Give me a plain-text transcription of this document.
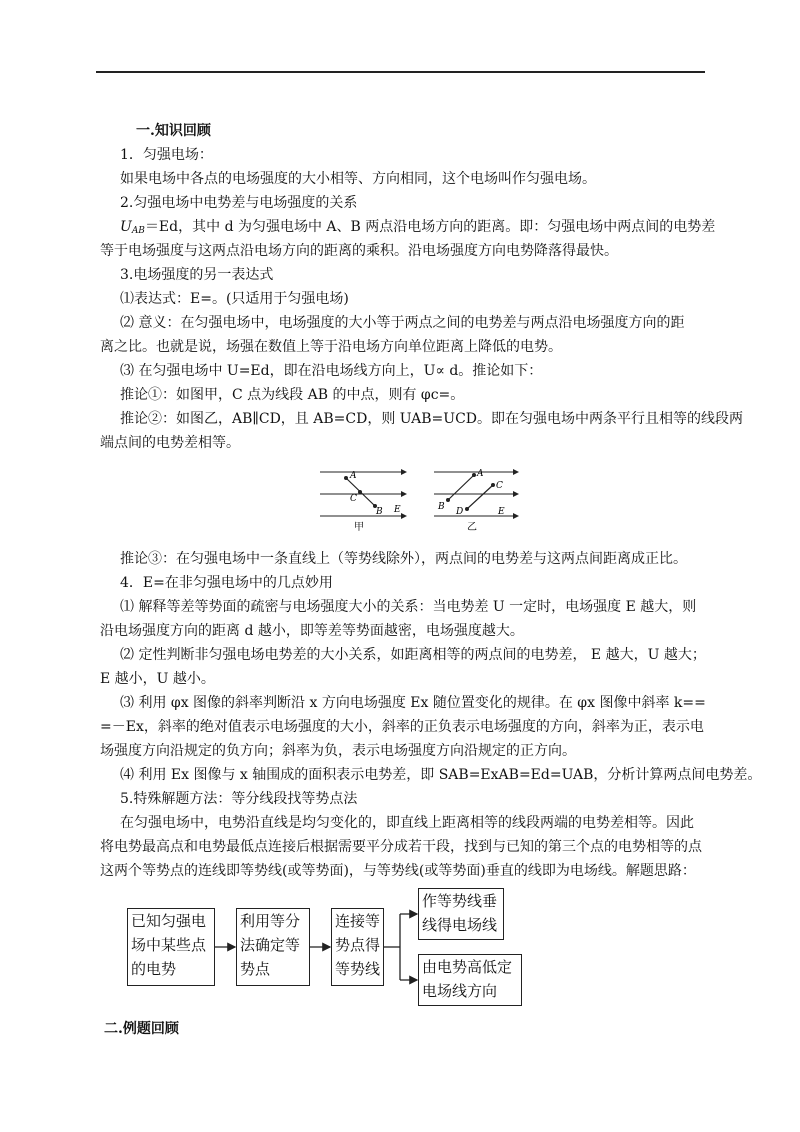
一.知识回顾
1．匀强电场：
如果电场中各点的电场强度的大小相等、方向相同，这个电场叫作匀强电场。
2.匀强电场中电势差与电场强度的关系
$U_{AB}=Ed$，其中 d 为匀强电场中 A、B 两点沿电场方向的距离。即：匀强电场中两点间的电势差
等于电场强度与这两点沿电场方向的距离的乘积。沿电场强度方向电势降落得最快。
3.电场强度的另一表达式
⑴表达式：E=。(只适用于匀强电场)
⑵ 意义：在匀强电场中，电场强度的大小等于两点之间的电势差与两点沿电场强度方向的距
离之比。也就是说，场强在数值上等于沿电场方向单位距离上降低的电势。
⑶ 在匀强电场中 U=Ed，即在沿电场线方向上，U∝ d。推论如下：
推论①：如图甲，C 点为线段 AB 的中点，则有 φc=。
推论②：如图乙，AB∥CD，且 AB=CD，则 UAB=UCD。即在匀强电场中两条平行且相等的线段两
端点间的电势差相等。
A
C
B E
甲
A
B
C
D	E
乙
推论③：在匀强电场中一条直线上（等势线除外），两点间的电势差与这两点间距离成正比。
4．E=在非匀强电场中的几点妙用
⑴ 解释等差等势面的疏密与电场强度大小的关系：当电势差 U 一定时，电场强度 E 越大，则
沿电场强度方向的距离 d 越小，即等差等势面越密，电场强度越大。
⑵ 定性判断非匀强电场电势差的大小关系，如距离相等的两点间的电势差， E 越大，U 越大；
E 越小，U 越小。
⑶ 利用 φx 图像的斜率判断沿 x 方向电场强度 Ex 随位置变化的规律。在 φx 图像中斜率 k==
=－Ex，斜率的绝对值表示电场强度的大小，斜率的正负表示电场强度的方向，斜率为正，表示电
场强度方向沿规定的负方向；斜率为负，表示电场强度方向沿规定的正方向。
⑷ 利用 Ex 图像与 x 轴围成的面积表示电势差，即 SAB=ExAB=Ed=UAB，分析计算两点间电势差。
5.特殊解题方法：等分线段找等势点法
在匀强电场中，电势沿直线是均匀变化的，即直线上距离相等的线段两端的电势差相等。因此
将电势最高点和电势最低点连接后根据需要平分成若干段，找到与已知的第三个点的电势相等的点
这两个等势点的连线即等势线(或等势面)，与等势线(或等势面)垂直的线即为电场线。解题思路：
已知匀强电场中某些点的电势
利用等分法确定等势点
连接等势点得等势线
作等势线垂线得电场线
由电势高低定电场线方向
二.例题回顾
